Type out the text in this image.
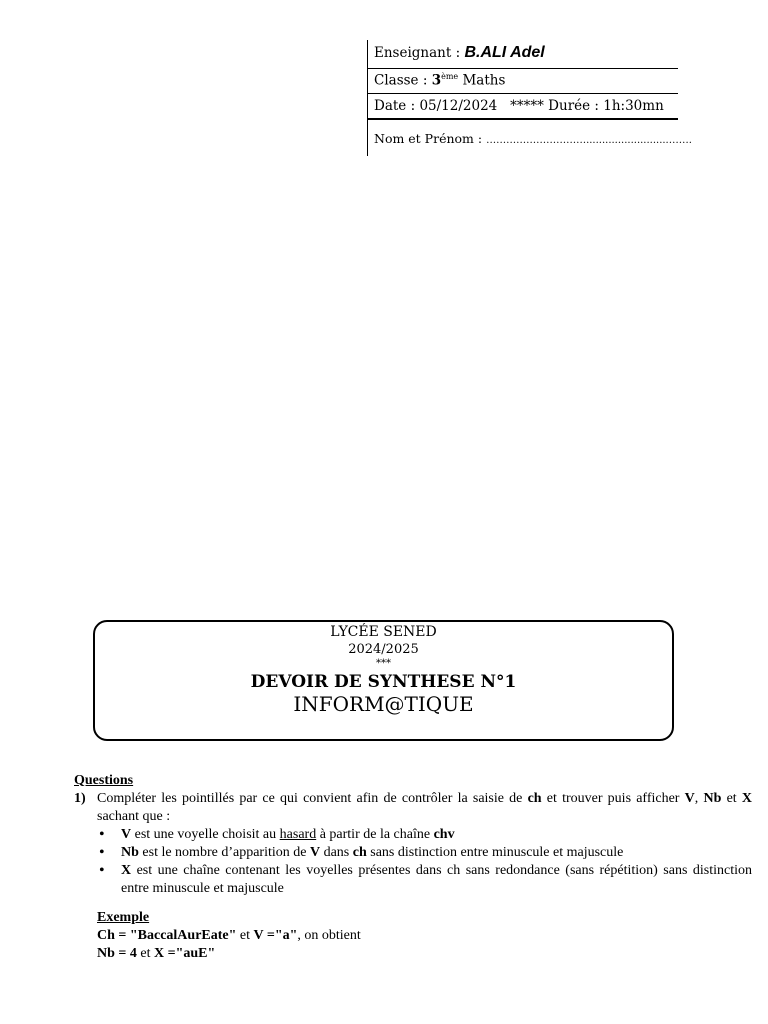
Enseignant : B.ALI Adel
Classe : 3ème Maths
Date : 05/12/2024 ***** Durée : 1h:30mn
Nom et Prénom : …………………………..........................…….
LYCÉE SENED
2024/2025
***
DEVOIR DE SYNTHESE N°1
INFORM@TIQUE
Questions
1) Compléter les pointillés par ce qui convient afin de contrôler la saisie de ch et trouver puis afficher V, Nb et X sachant que :
• V est une voyelle choisit au hasard à partir de la chaîne chv
• Nb est le nombre d’apparition de V dans ch sans distinction entre minuscule et majuscule
• X est une chaîne contenant les voyelles présentes dans ch sans redondance (sans répétition) sans distinction entre minuscule et majuscule
Exemple
Ch = "BaccalAurEate" et V ="a", on obtient
Nb = 4 et X ="auE"
